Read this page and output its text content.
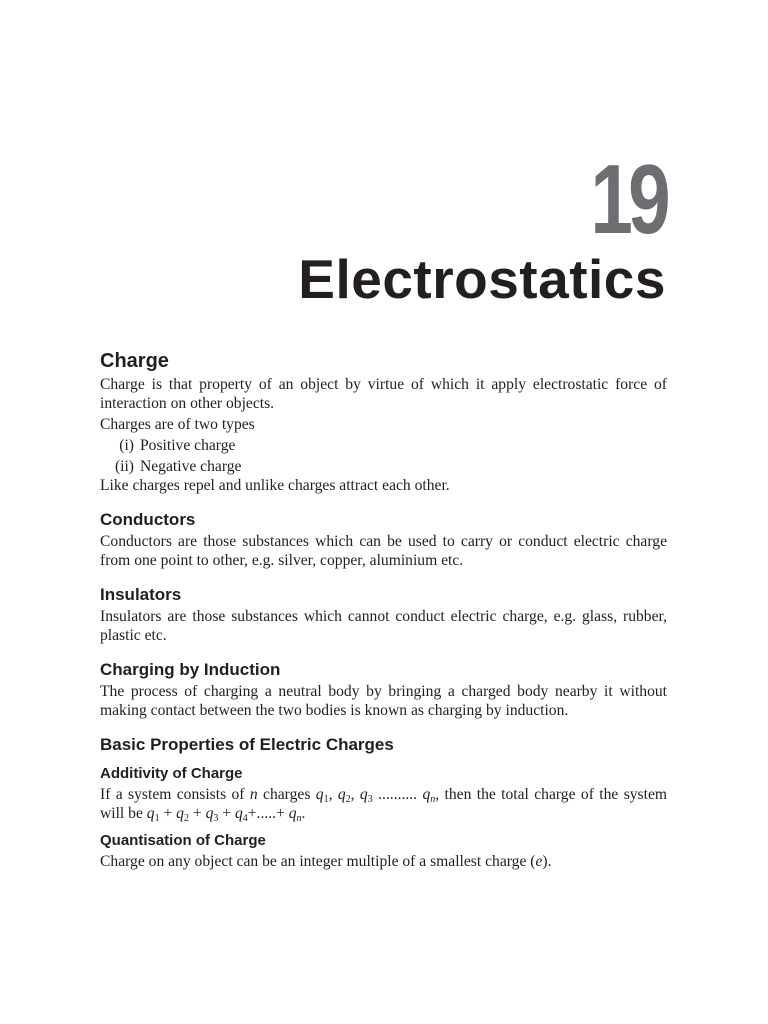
19
Electrostatics
Charge

Charge is that property of an object by virtue of which it apply electrostatic force of interaction on other objects.

Charges are of two types

(i) Positive charge
(ii) Negative charge

Like charges repel and unlike charges attract each other.

Conductors

Conductors are those substances which can be used to carry or conduct electric charge from one point to other, e.g. silver, copper, aluminium etc.

Insulators

Insulators are those substances which cannot conduct electric charge, e.g. glass, rubber, plastic etc.

Charging by Induction

The process of charging a neutral body by bringing a charged body nearby it without making contact between the two bodies is known as charging by induction.

Basic Properties of Electric Charges
Additivity of Charge

If a system consists of n charges $q_1$, $q_2$, $q_3$ .......... $q_n$, then the total charge of the system will be $q_1 + q_2 + q_3 + q_4+.....+ q_n$.

Quantisation of Charge

Charge on any object can be an integer multiple of a smallest charge (e).
